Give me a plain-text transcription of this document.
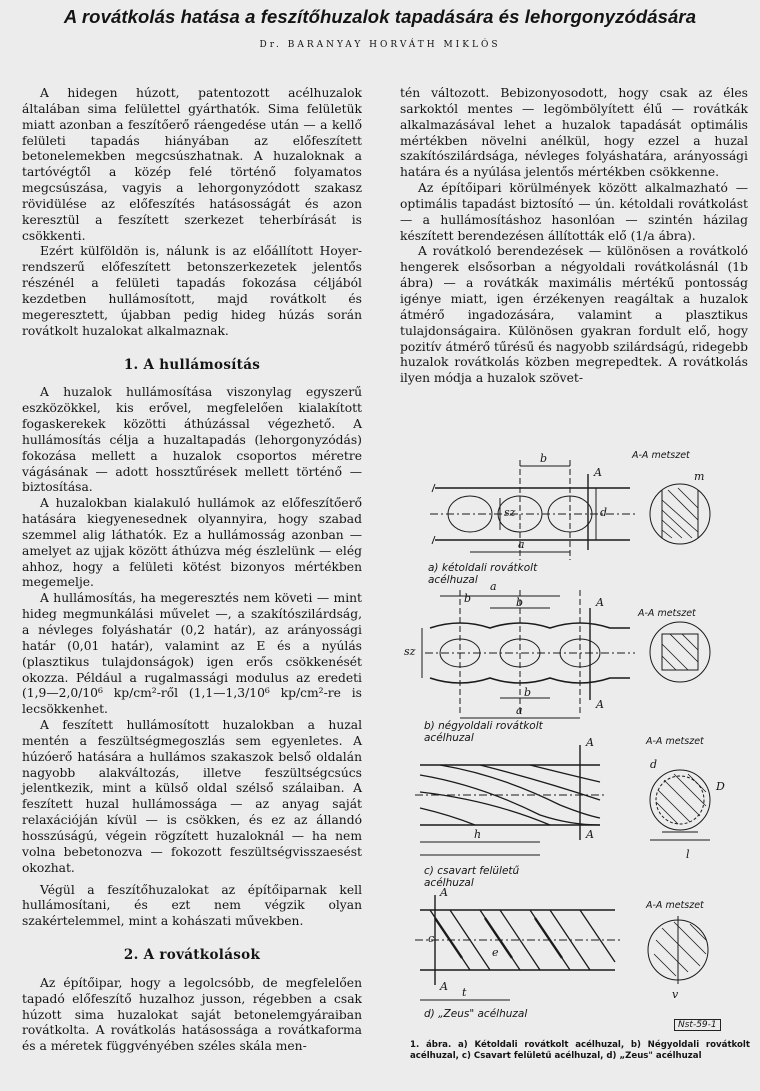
A rovátkolás hatása a feszítőhuzalok tapadására és lehorgonyzódására
Dr. BARANYAY HORVÁTH MIKLÓS

A hidegen húzott, patentozott acélhuzalok általában sima felülettel gyárthatók. Sima felületük miatt azonban a feszítőerő ráengedése után — a kellő felületi tapadás hiányában az előfeszített betonelemekben megcsúszhatnak. A huzaloknak a tartóvégtől a közép felé történő folyamatos megcsúszása, vagyis a lehorgonyzódott szakasz rövidülése az előfeszítés hatásosságát és azon keresztül a feszített szerkezet teherbírását is csökkenti.

Ezért külföldön is, nálunk is az előállított Hoyer-rendszerű előfeszített betonszerkezetek jelentős részénél a felületi tapadás fokozása céljából kezdetben hullámosított, majd rovátkolt és megeresztett, újabban pedig hideg húzás során rovátkolt huzalokat alkalmaznak.

1. A hullámosítás

A huzalok hullámosítása viszonylag egyszerű eszközökkel, kis erővel, megfelelően kialakított fogaskerekek közötti áthúzással végezhető. A hullámosítás célja a huzaltapadás (lehorgonyzódás) fokozása mellett a huzalok csoportos méretre vágásának — adott hossztűrések mellett történő — biztosítása.

A huzalokban kialakuló hullámok az előfeszítőerő hatására kiegyenesednek olyannyira, hogy szabad szemmel alig láthatók. Ez a hullámosság azonban — amelyet az ujjak között áthúzva még észlelünk — elég ahhoz, hogy a felületi kötést bizonyos mértékben megemelje.

A hullámosítás, ha megeresztés nem követi — mint hideg megmunkálási művelet —, a szakítószilárdság, a névleges folyáshatár (0,2 határ), az arányossági határ (0,01 határ), valamint az E és a nyúlás (plasztikus tulajdonságok) igen erős csökkenését okozza. Például a rugalmassági modulus az eredeti (1,9—2,0/10⁶ kp/cm²-ről (1,1—1,3/10⁶ kp/cm²-re is lecsökkenhet.

A feszített hullámosított huzalokban a huzal mentén a feszültségmegoszlás sem egyenletes. A húzóerő hatására a hullámos szakaszok belső oldalán nagyobb alakváltozás, illetve feszültségcsúcs jelentkezik, mint a külső oldal szélső szálaiban. A feszített huzal hullámossága — az anyag saját relaxációján kívül — is csökken, és ez az állandó hosszúságú, végein rögzített huzaloknál — ha nem volna bebetonozva — fokozott feszültségvisszaesést okozhat.

Végül a feszítőhuzalokat az építőiparnak kell hullámosítani, és ezt nem végzik olyan szakértelemmel, mint a kohászati művekben.

2. A rovátkolások

Az építőipar, hogy a legolcsóbb, de megfelelően tapadó előfeszítő huzalhoz jusson, régebben a csak húzott sima huzalokat saját betonelemgyáraiban rovátkolta. A rovátkolás hatásossága a rovátkaforma és a méretek függvényében széles skála men-

tén változott. Bebizonyosodott, hogy csak az éles sarkoktól mentes — legömbölyített élű — rovátkák alkalmazásával lehet a huzalok tapadását optimális mértékben növelni anélkül, hogy ezzel a huzal szakítószilárdsága, névleges folyáshatára, arányossági határa és a nyúlása jelentős mértékben csökkenne.

Az építőipari körülmények között alkalmazható — optimális tapadást biztosító — ún. kétoldali rovátkolást — a hullámosításhoz hasonlóan — szintén házilag készített berendezésen állították elő (1/a ábra).

A rovátkoló berendezések — különösen a rovátkoló hengerek elsősorban a négyoldali rovátkolásnál (1b ábra) — a rovátkák maximális mértékű pontosság igénye miatt, igen érzékenyen reagáltak a huzalok átmérő ingadozására, valamint a plasztikus tulajdonságaira. Különösen gyakran fordult elő, hogy pozitív átmérő tűrésű és nagyobb szilárdságú, ridegebb huzalok rovátkolás közben megrepedtek. A rovátkolás ilyen módja a huzalok szövet-

A-A metszet
A-A metszet
A-A metszet
A-A metszet
b
a
sz	d
A	m
a
b	b
b
a
sz
A
A
A
A
h
d
D
l
A
A t
c
e
v
a) kétoldali rovátkolt acélhuzal
b) négyoldali rovátkolt acélhuzal
c) csavart felületű acélhuzal
d) „Zeus" acélhuzal
Nst-59-1
1. ábra. a) Kétoldali rovátkolt acélhuzal, b) Négyoldali rovátkolt acélhuzal, c) Csavart felületű acélhuzal, d) „Zeus" acélhuzal
